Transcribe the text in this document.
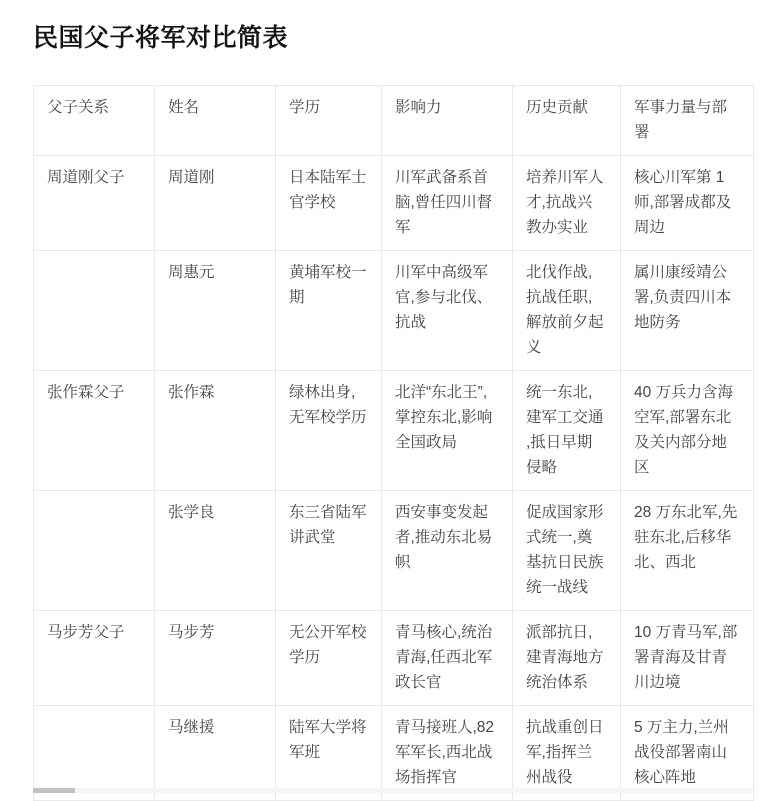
民国父子将军对比简表
父子关系	姓名	学历	影响力	历史贡献	军事力量与部署
周道刚父子	周道刚	日本陆军士官学校	川军武备系首脑,曾任四川督军	培养川军人才,抗战兴教办实业	核心川军第 1 师,部署成都及周边
	周惠元	黄埔军校一期	川军中高级军官,参与北伐、抗战	北伐作战,抗战任职,解放前夕起义	属川康绥靖公署,负责四川本地防务
张作霖父子	张作霖	绿林出身,无军校学历	北洋“东北王”,掌控东北,影响全国政局	统一东北,建军工交通,抵日早期侵略	40 万兵力含海空军,部署东北及关内部分地区
	张学良	东三省陆军讲武堂	西安事变发起者,推动东北易帜	促成国家形式统一,奠基抗日民族统一战线	28 万东北军,先驻东北,后移华北、西北
马步芳父子	马步芳	无公开军校学历	青马核心,统治青海,任西北军政长官	派部抗日,建青海地方统治体系	10 万青马军,部署青海及甘青川边境
	马继援	陆军大学将军班	青马接班人,82 军军长,西北战场指挥官	抗战重创日军,指挥兰州战役	5 万主力,兰州战役部署南山核心阵地
